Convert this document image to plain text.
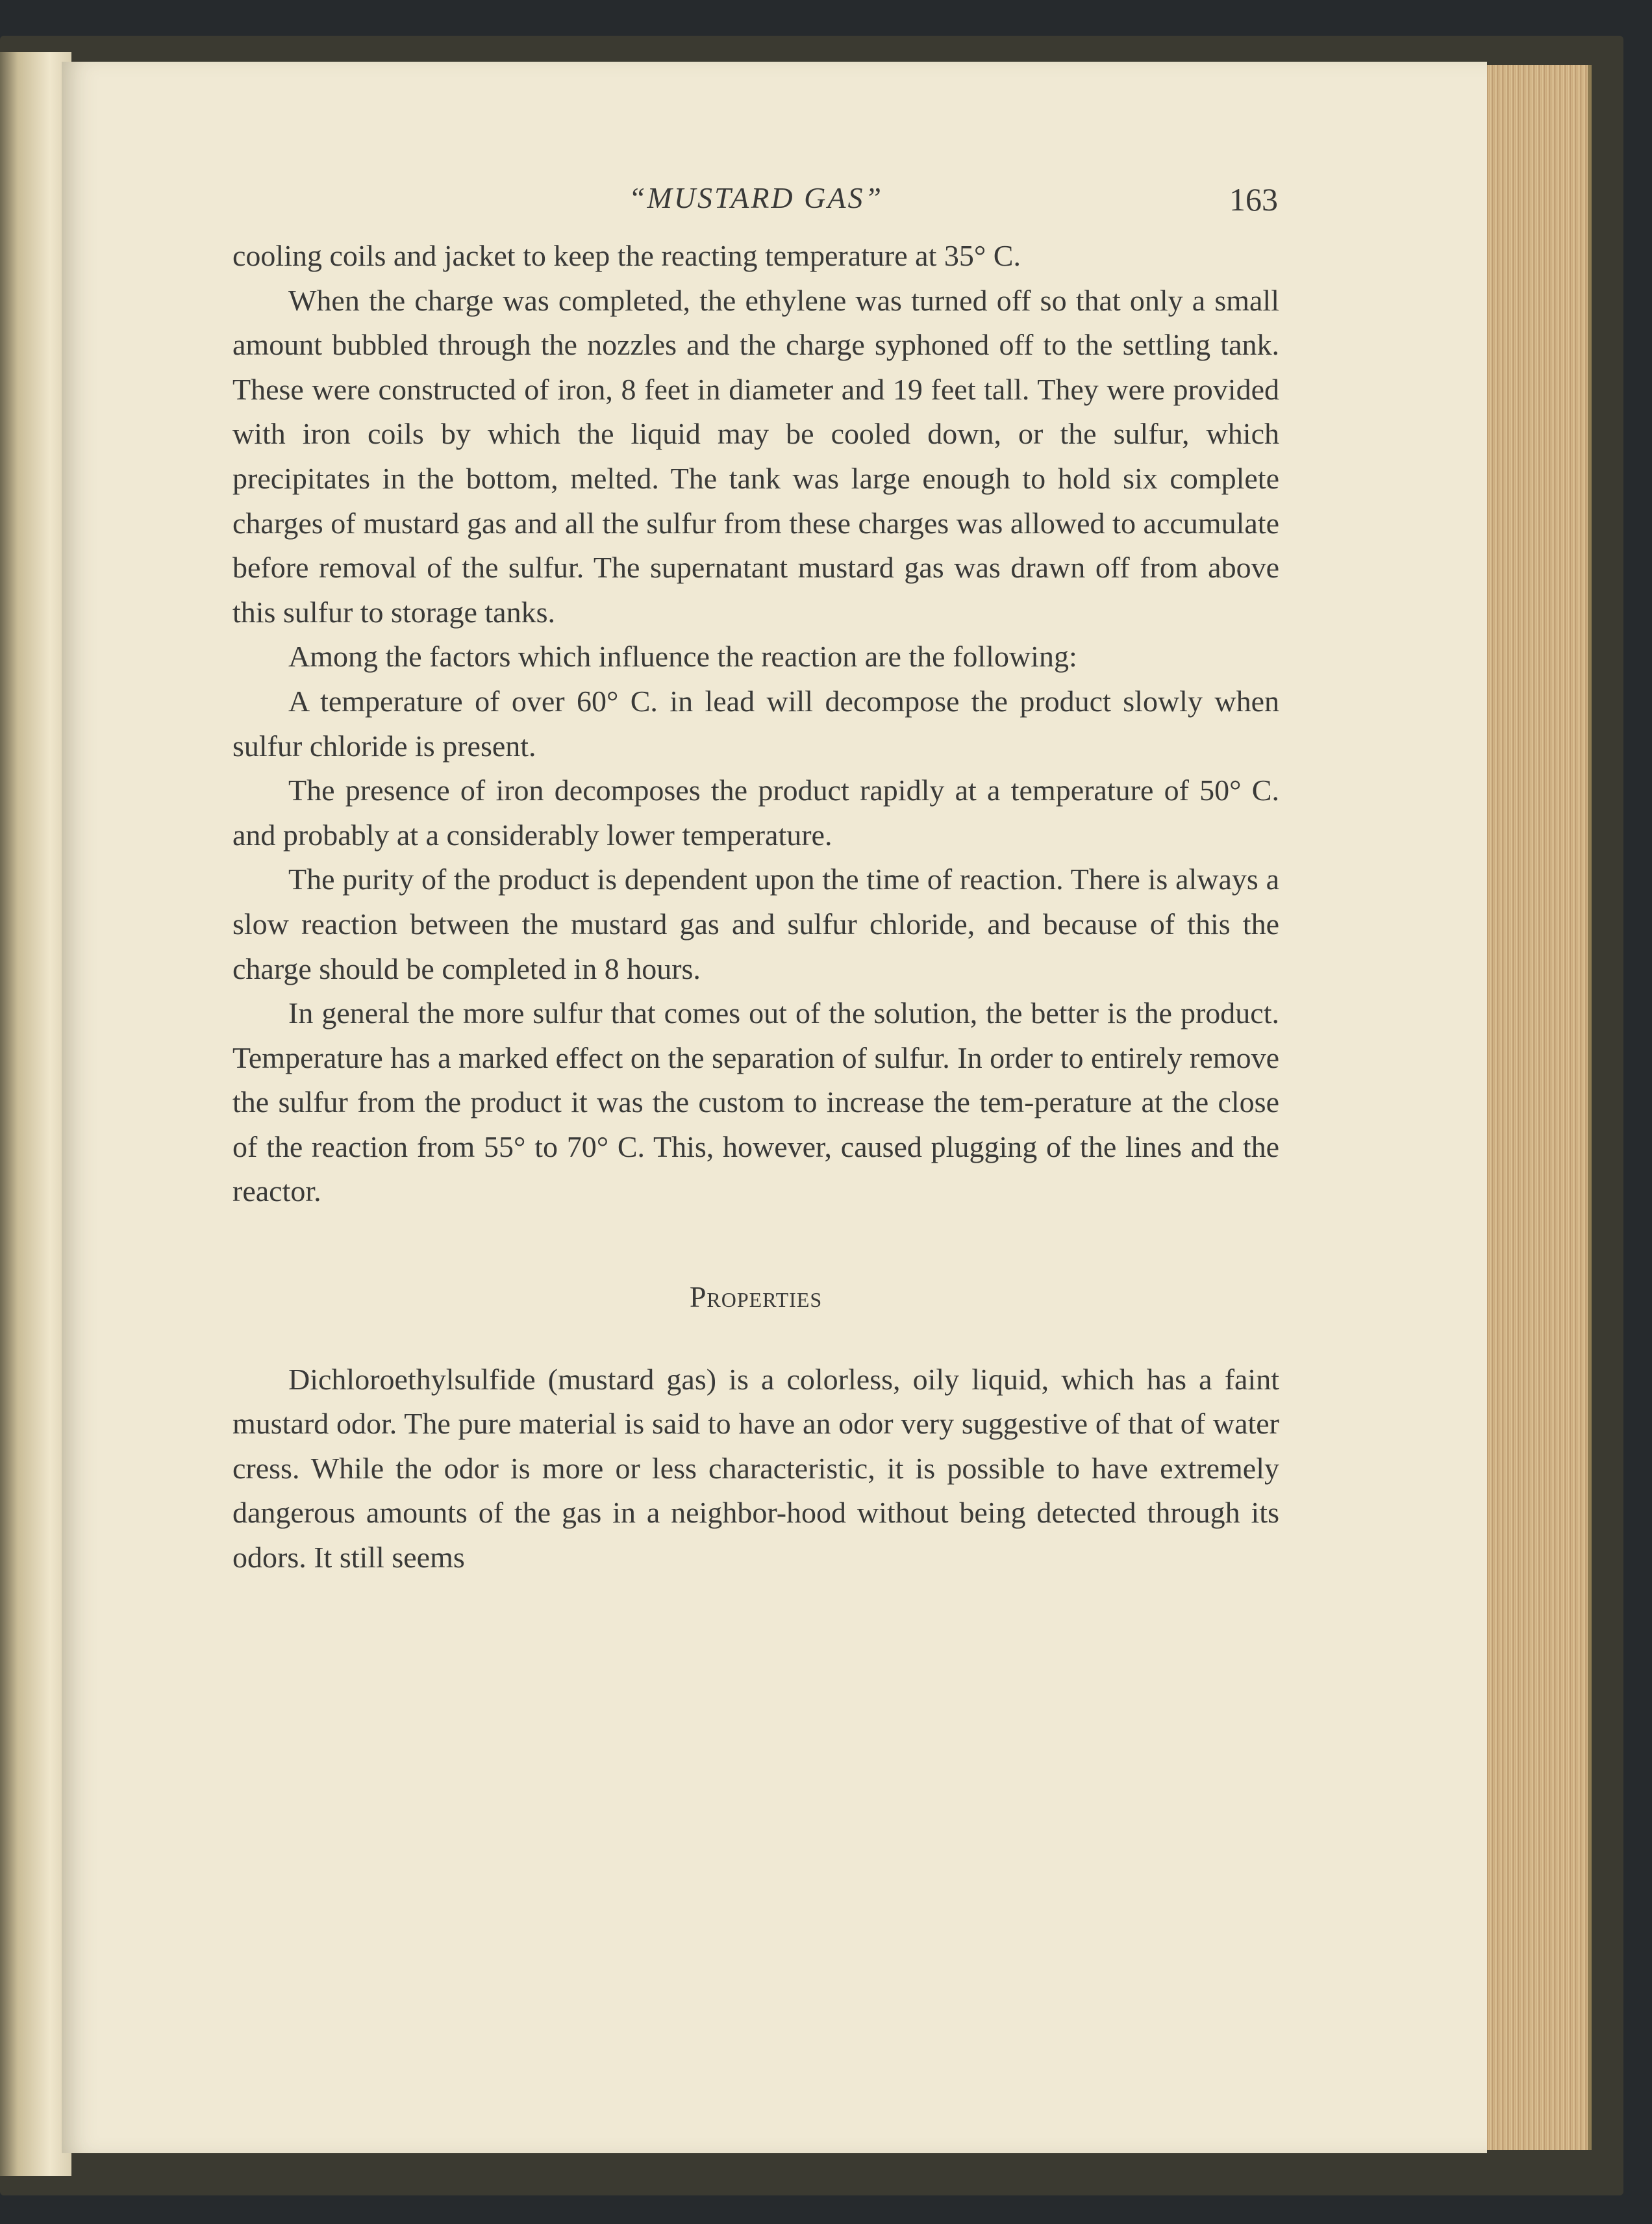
“MUSTARD GAS”	163

cooling coils and jacket to keep the reacting temperature at 35° C.

When the charge was completed, the ethylene was turned off so that only a small amount bubbled through the nozzles and the charge syphoned off to the settling tank. These were constructed of iron, 8 feet in diameter and 19 feet tall. They were provided with iron coils by which the liquid may be cooled down, or the sulfur, which precipitates in the bottom, melted. The tank was large enough to hold six complete charges of mustard gas and all the sulfur from these charges was allowed to accumulate before removal of the sulfur. The supernatant mustard gas was drawn off from above this sulfur to storage tanks.

Among the factors which influence the reaction are the following:

A temperature of over 60° C. in lead will decompose the product slowly when sulfur chloride is present.

The presence of iron decomposes the product rapidly at a temperature of 50° C. and probably at a considerably lower temperature.

The purity of the product is dependent upon the time of reaction. There is always a slow reaction between the mustard gas and sulfur chloride, and because of this the charge should be completed in 8 hours.

In general the more sulfur that comes out of the solution, the better is the product. Temperature has a marked effect on the separation of sulfur. In order to entirely remove the sulfur from the product it was the custom to increase the tem-perature at the close of the reaction from 55° to 70° C. This, however, caused plugging of the lines and the reactor.

Properties

Dichloroethylsulfide (mustard gas) is a colorless, oily liquid, which has a faint mustard odor. The pure material is said to have an odor very suggestive of that of water cress. While the odor is more or less characteristic, it is possible to have extremely dangerous amounts of the gas in a neighbor-hood without being detected through its odors. It still seems
